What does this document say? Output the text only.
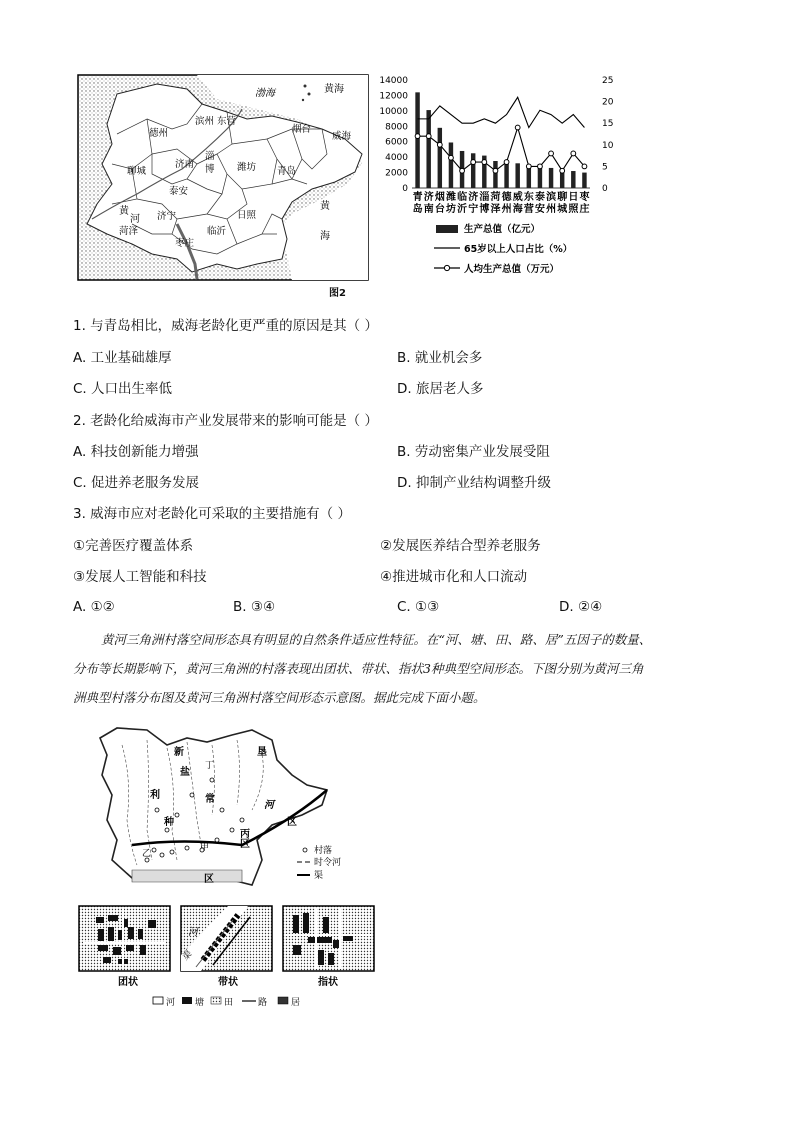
渤海	黄海
黄
海
黄
河
滨州 东营
德州
济南
淄
博 潍坊
烟台
威海
聊城
泰安
青岛
菏泽
济宁	日照
临沂
枣庄
图2
0
2000
4000
6000
8000
10000
12000
14000
0
5
10
15
20
25
青
岛
济
南
烟
台
潍
坊
临
沂
济
宁
淄
博
菏
泽
德
州
威
海
东
营
泰
安
滨
州
聊
城
日
照
枣
庄
生产总值（亿元）
65岁以上人口占比（%）
人均生产总值（万元）
1. 与青岛相比，威海老龄化更严重的原因是其（ ）
A. 工业基础雄厚	B. 就业机会多
C. 人口出生率低	D. 旅居老人多
2. 老龄化给威海市产业发展带来的影响可能是（ ）
A. 科技创新能力增强	B. 劳动密集产业发展受阻
C. 促进养老服务发展	D. 抑制产业结构调整升级
3. 威海市应对老龄化可采取的主要措施有（ ）
①完善医疗覆盖体系	②发展医养结合型养老服务
③发展人工智能和科技	④推进城市化和人口流动
A. ①②	B. ③④	C. ①③	D. ②④
黄河三角洲村落空间形态具有明显的自然条件适应性特征。在“河、塘、田、路、居”五因子的数量、
分布等长期影响下，黄河三角洲的村落表现出团状、带状、指状3种典型空间形态。下图分别为黄河三角
洲典型村落分布图及黄河三角洲村落空间形态示意图。据此完成下面小题。
新	垦
利
盐
常
种
丙
区
区
区
河
甲
乙
丁
村落
时令河
渠
河
渠
团状	带状	指状
河 塘 田	路	居
